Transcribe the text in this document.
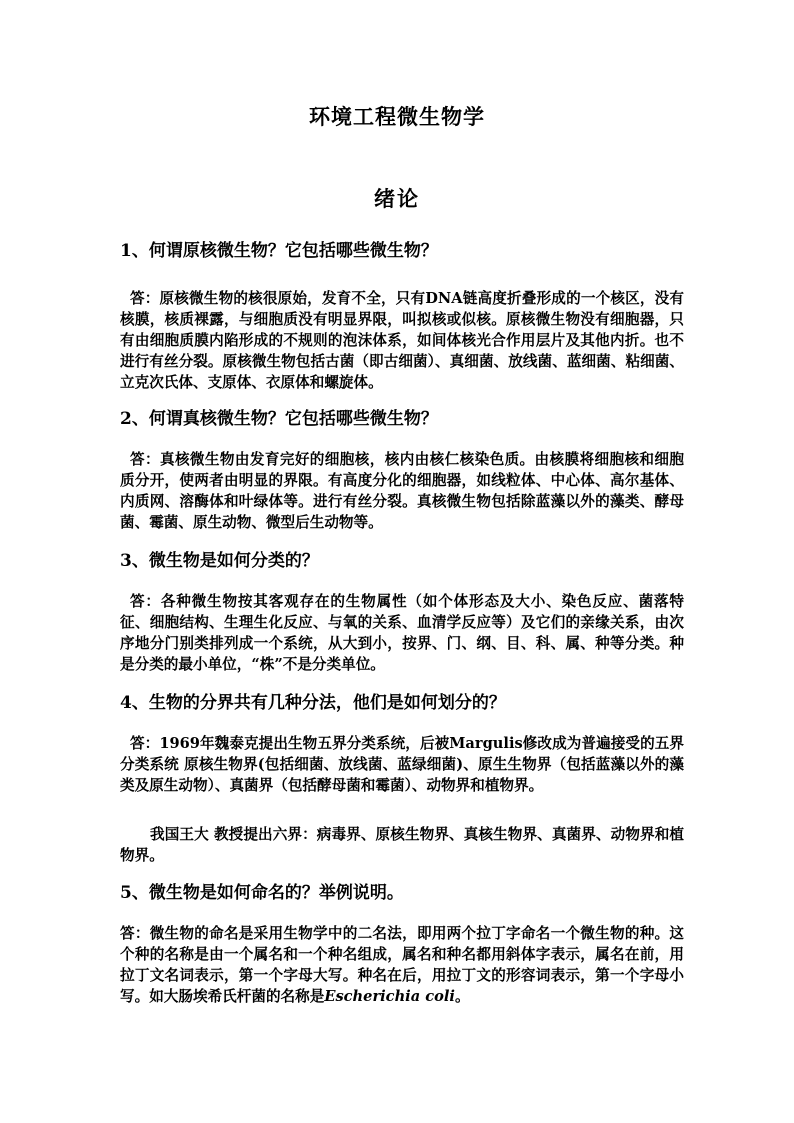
环境工程微生物学
绪论
1、何谓原核微生物？它包括哪些微生物？
答：原核微生物的核很原始，发育不全，只有DNA链高度折叠形成的一个核区，没有核膜，核质裸露，与细胞质没有明显界限，叫拟核或似核。原核微生物没有细胞器，只有由细胞质膜内陷形成的不规则的泡沫体系，如间体核光合作用层片及其他内折。也不进行有丝分裂。原核微生物包括古菌（即古细菌）、真细菌、放线菌、蓝细菌、粘细菌、立克次氏体、支原体、衣原体和螺旋体。
2、何谓真核微生物？它包括哪些微生物？
答：真核微生物由发育完好的细胞核，核内由核仁核染色质。由核膜将细胞核和细胞质分开，使两者由明显的界限。有高度分化的细胞器，如线粒体、中心体、高尔基体、内质网、溶酶体和叶绿体等。进行有丝分裂。真核微生物包括除蓝藻以外的藻类、酵母菌、霉菌、原生动物、微型后生动物等。
3、微生物是如何分类的？
答：各种微生物按其客观存在的生物属性（如个体形态及大小、染色反应、菌落特征、细胞结构、生理生化反应、与氧的关系、血清学反应等）及它们的亲缘关系，由次序地分门别类排列成一个系统，从大到小，按界、门、纲、目、科、属、种等分类。种是分类的最小单位，“株”不是分类单位。
4、生物的分界共有几种分法，他们是如何划分的？
答：1969年魏泰克提出生物五界分类系统，后被Margulis修改成为普遍接受的五界分类系统 原核生物界(包括细菌、放线菌、蓝绿细菌)、原生生物界（包括蓝藻以外的藻类及原生动物）、真菌界（包括酵母菌和霉菌）、动物界和植物界。
我国王大 教授提出六界：病毒界、原核生物界、真核生物界、真菌界、动物界和植物界。
5、微生物是如何命名的？举例说明。
答：微生物的命名是采用生物学中的二名法，即用两个拉丁字命名一个微生物的种。这个种的名称是由一个属名和一个种名组成，属名和种名都用斜体字表示，属名在前，用拉丁文名词表示，第一个字母大写。种名在后，用拉丁文的形容词表示，第一个字母小写。如大肠埃希氏杆菌的名称是Escherichia coli。
